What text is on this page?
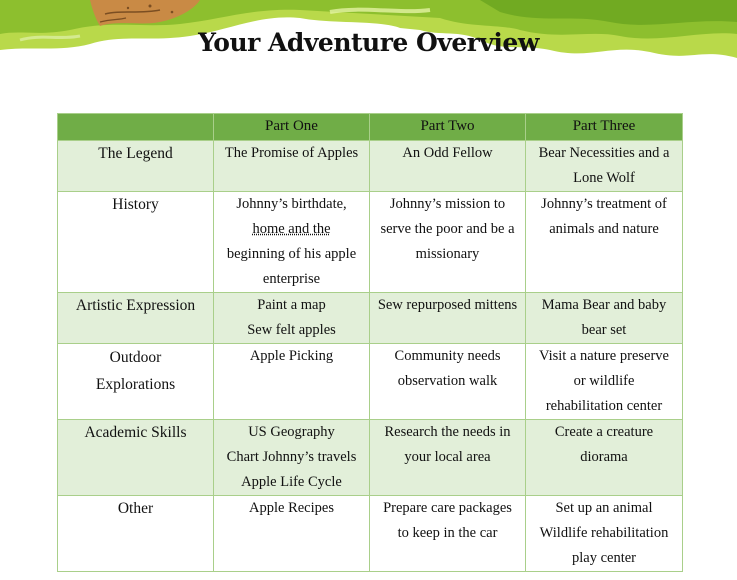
Your Adventure Overview
	Part One	Part Two	Part Three
The Legend	The Promise of Apples	An Odd Fellow	Bear Necessities and a
Lone Wolf

History	Johnny’s birthdate,
home and the
beginning of his apple
enterprise	Johnny’s mission to
serve the poor and be a
missionary	Johnny’s treatment of
animals and nature

Artistic Expression	Paint a map
Sew felt apples	Sew repurposed mittens	Mama Bear and baby
bear set

Outdoor
Explorations	Apple Picking	Community needs
observation walk	Visit a nature preserve
or wildlife
rehabilitation center

Academic Skills	US Geography
Chart Johnny’s travels
Apple Life Cycle	Research the needs in
your local area	Create a creature
diorama

Other	Apple Recipes	Prepare care packages
to keep in the car	Set up an animal
Wildlife rehabilitation
play center
